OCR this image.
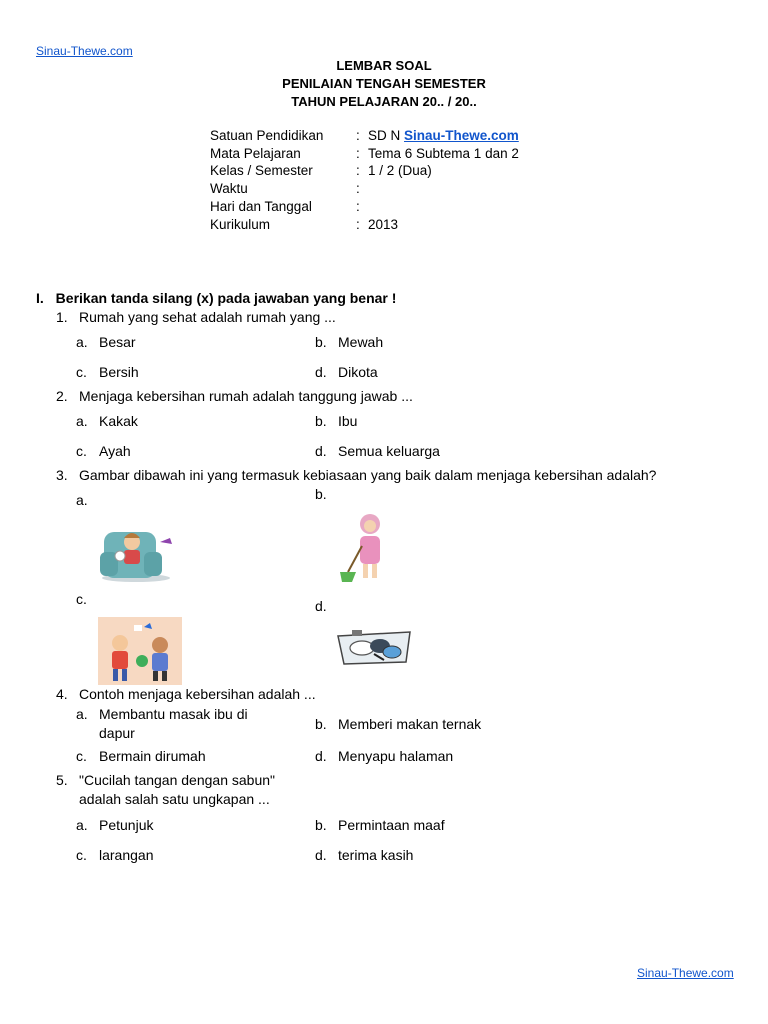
Sinau-Thewe.com
LEMBAR SOAL
PENILAIAN TENGAH SEMESTER
TAHUN PELAJARAN 20.. / 20..
Satuan Pendidikan : SD N Sinau-Thewe.com
Mata Pelajaran	: Tema 6 Subtema 1 dan 2
Kelas / Semester	: 1 / 2 (Dua)
Waktu	:
Hari dan Tanggal	:
Kurikulum	: 2013
I. Berikan tanda silang (x) pada jawaban yang benar !
1. Rumah yang sehat adalah rumah yang ...
a. Besar	b. Mewah
c. Bersih	d. Dikota
2. Menjaga kebersihan rumah adalah tanggung jawab ...
a. Kakak	b. Ibu
c. Ayah	d. Semua keluarga
3. Gambar dibawah ini yang termasuk kebiasaan yang baik dalam menjaga kebersihan adalah?
a.	b.
c.	d.
4. Contoh menjaga kebersihan adalah ...
a. Membantu masak ibu di
dapur
b. Memberi makan ternak
c. Bermain dirumah	d. Menyapu halaman
5. "Cucilah tangan dengan sabun"
adalah salah satu ungkapan ...
a. Petunjuk	b. Permintaan maaf
c. larangan	d. terima kasih
Sinau-Thewe.com
